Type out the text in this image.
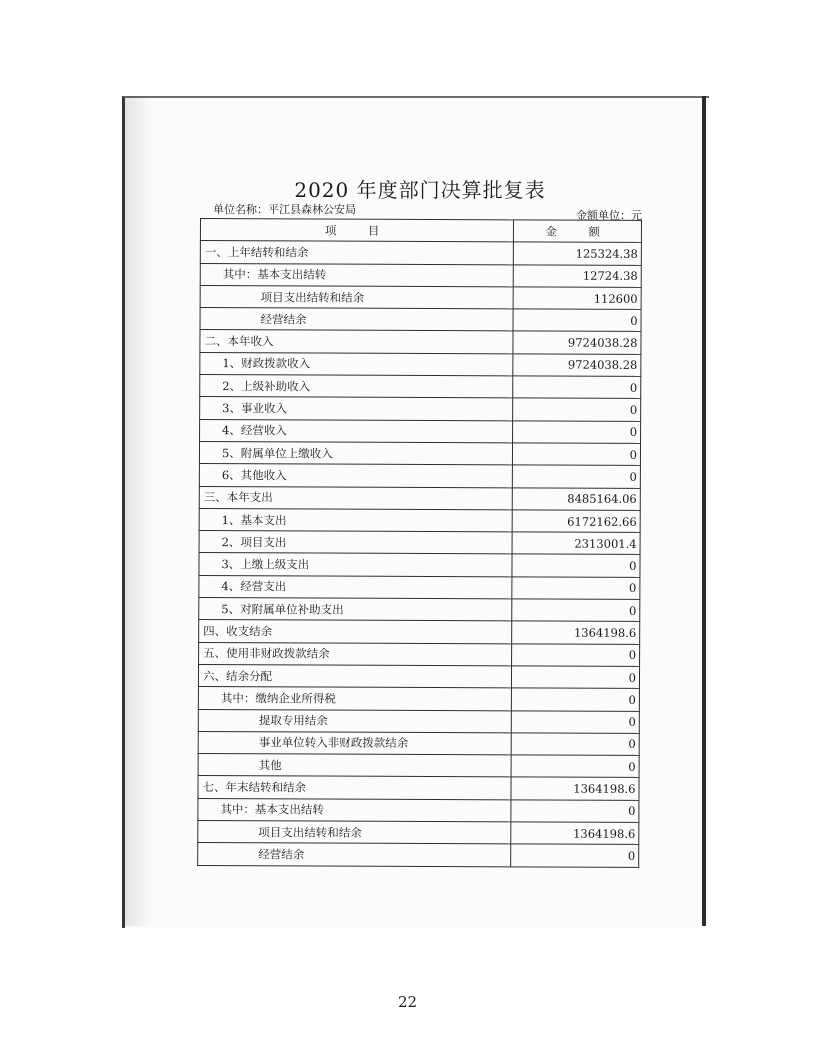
2020 年度部门决算批复表
单位名称：平江县森林公安局	金额单位：元
项　目	金　额
一、上年结转和结余	125324.38
其中：基本支出结转	12724.38
项目支出结转和结余	112600
经营结余	0
二、本年收入	9724038.28
1、财政拨款收入	9724038.28
2、上级补助收入	0
3、事业收入	0
4、经营收入	0
5、附属单位上缴收入	0
6、其他收入	0
三、本年支出	8485164.06
1、基本支出	6172162.66
2、项目支出	2313001.4
3、上缴上级支出	0
4、经营支出	0
5、对附属单位补助支出	0
四、收支结余	1364198.6
五、使用非财政拨款结余	0
六、结余分配	0
其中：缴纳企业所得税	0
提取专用结余	0
事业单位转入非财政拨款结余	0
其他	0
七、年末结转和结余	1364198.6
其中：基本支出结转	0
项目支出结转和结余	1364198.6
经营结余	0
22
